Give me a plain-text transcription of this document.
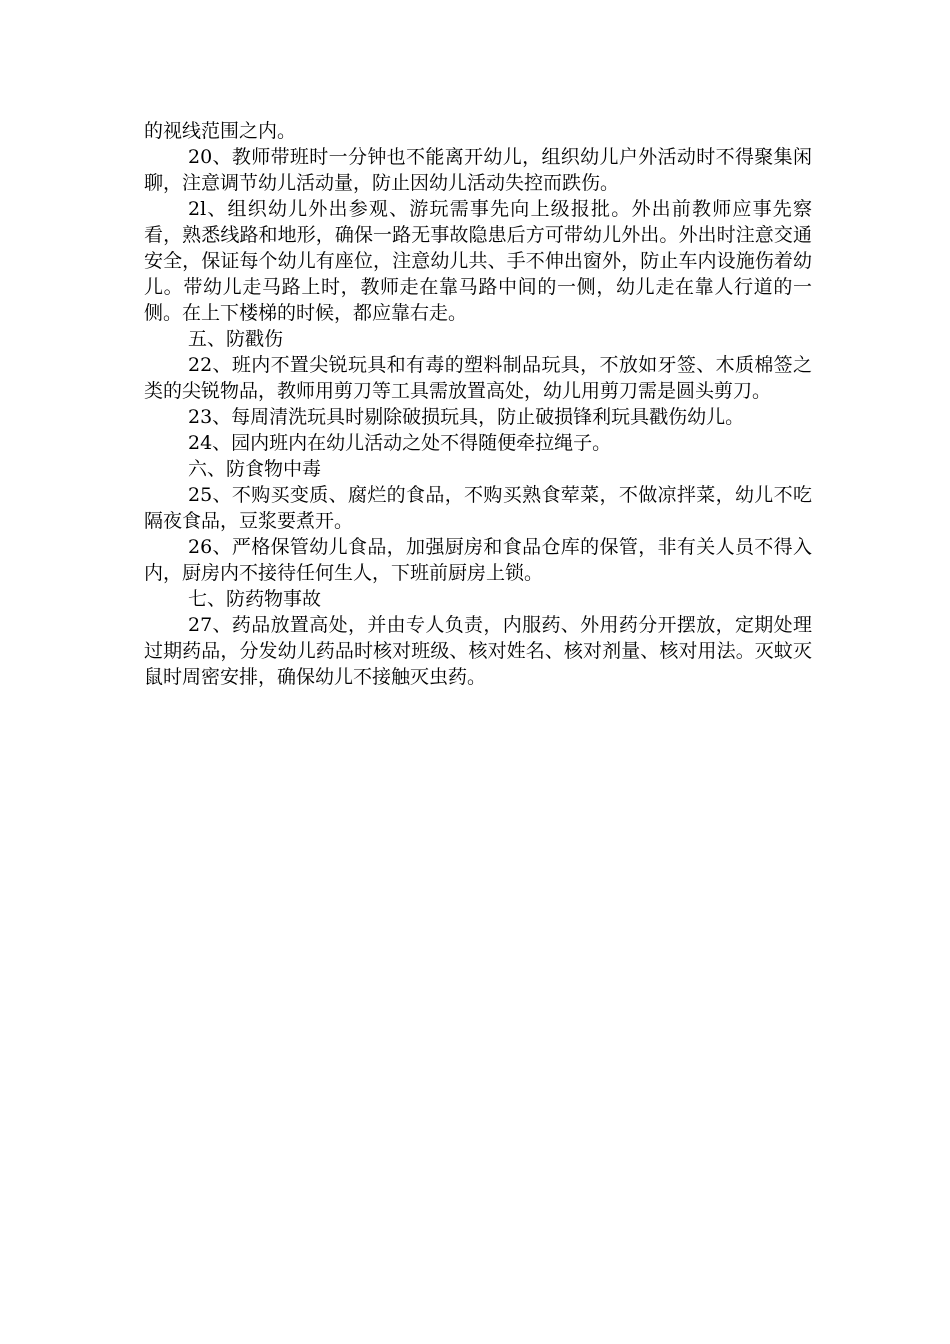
的视线范围之内。

20、教师带班时一分钟也不能离开幼儿，组织幼儿户外活动时不得聚集闲聊，注意调节幼儿活动量，防止因幼儿活动失控而跌伤。

2l、组织幼儿外出参观、游玩需事先向上级报批。外出前教师应事先察看，熟悉线路和地形，确保一路无事故隐患后方可带幼儿外出。外出时注意交通安全，保证每个幼儿有座位，注意幼儿共、手不伸出窗外，防止车内设施伤着幼儿。带幼儿走马路上时，教师走在靠马路中间的一侧，幼儿走在靠人行道的一侧。在上下楼梯的时候，都应靠右走。

五、防戳伤

22、班内不置尖锐玩具和有毒的塑料制品玩具，不放如牙签、木质棉签之类的尖锐物品，教师用剪刀等工具需放置高处，幼儿用剪刀需是圆头剪刀。

23、每周清洗玩具时剔除破损玩具，防止破损锋利玩具戳伤幼儿。

24、园内班内在幼儿活动之处不得随便牵拉绳子。

六、防食物中毒

25、不购买变质、腐烂的食品，不购买熟食荤菜，不做凉拌菜，幼儿不吃隔夜食品，豆浆要煮开。

26、严格保管幼儿食品，加强厨房和食品仓库的保管，非有关人员不得入内，厨房内不接待任何生人，下班前厨房上锁。

七、防药物事故

27、药品放置高处，并由专人负责，内服药、外用药分开摆放，定期处理过期药品，分发幼儿药品时核对班级、核对姓名、核对剂量、核对用法。灭蚊灭鼠时周密安排，确保幼儿不接触灭虫药。
